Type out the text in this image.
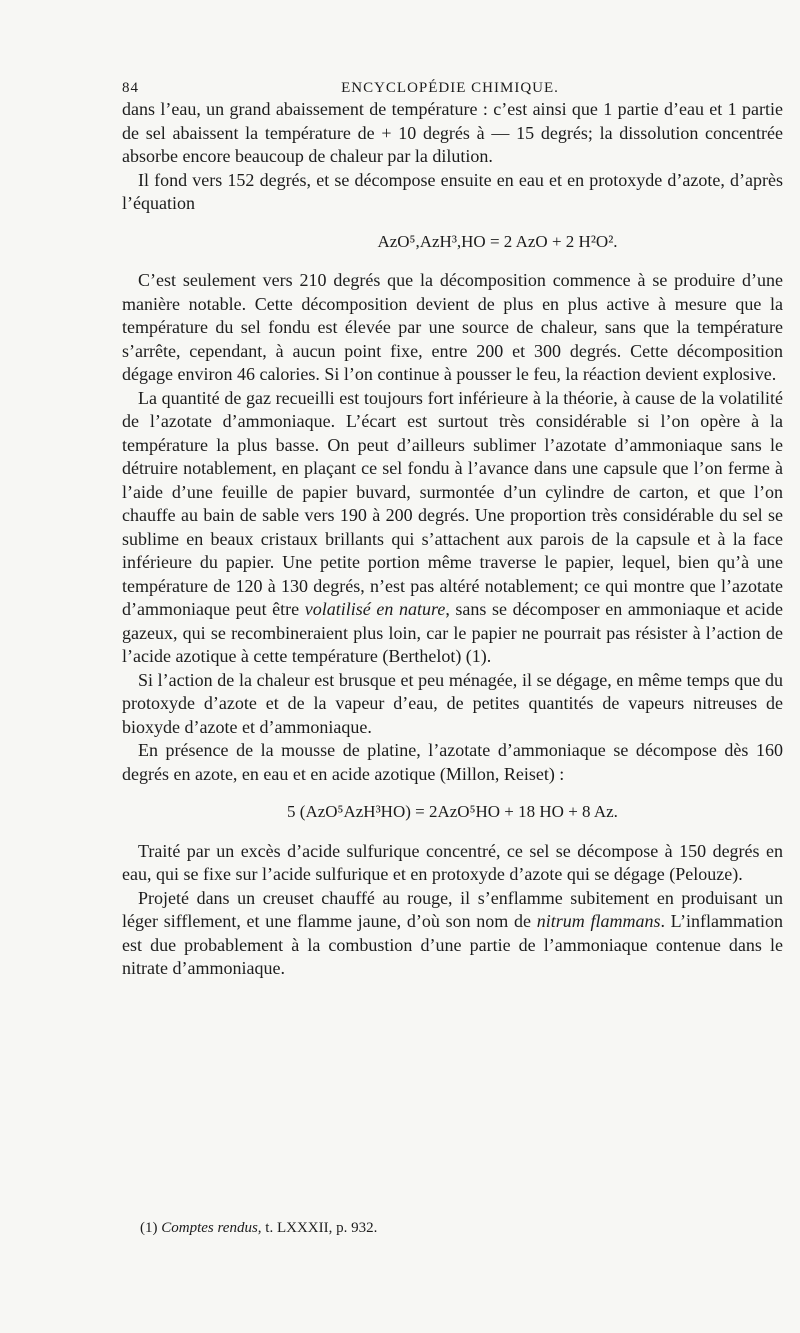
84	ENCYCLOPÉDIE CHIMIQUE.

dans l’eau, un grand abaissement de température : c’est ainsi que 1 partie d’eau et 1 partie de sel abaissent la température de + 10 degrés à — 15 degrés; la dissolution concentrée absorbe encore beaucoup de chaleur par la dilution.

Il fond vers 152 degrés, et se décompose ensuite en eau et en protoxyde d’azote, d’après l’équation

AzO⁵,AzH³,HO = 2 AzO + 2 H²O².

C’est seulement vers 210 degrés que la décomposition commence à se produire d’une manière notable. Cette décomposition devient de plus en plus active à mesure que la température du sel fondu est élevée par une source de chaleur, sans que la température s’arrête, cependant, à aucun point fixe, entre 200 et 300 degrés. Cette décomposition dégage environ 46 calories. Si l’on continue à pousser le feu, la réaction devient explosive.

La quantité de gaz recueilli est toujours fort inférieure à la théorie, à cause de la volatilité de l’azotate d’ammoniaque. L’écart est surtout très considérable si l’on opère à la température la plus basse. On peut d’ailleurs sublimer l’azotate d’ammoniaque sans le détruire notablement, en plaçant ce sel fondu à l’avance dans une capsule que l’on ferme à l’aide d’une feuille de papier buvard, surmontée d’un cylindre de carton, et que l’on chauffe au bain de sable vers 190 à 200 degrés. Une proportion très considérable du sel se sublime en beaux cristaux brillants qui s’attachent aux parois de la capsule et à la face inférieure du papier. Une petite portion même traverse le papier, lequel, bien qu’à une température de 120 à 130 degrés, n’est pas altéré notablement; ce qui montre que l’azotate d’ammoniaque peut être volatilisé en nature, sans se décomposer en ammoniaque et acide gazeux, qui se recombineraient plus loin, car le papier ne pourrait pas résister à l’action de l’acide azotique à cette température (Berthelot) (1).

Si l’action de la chaleur est brusque et peu ménagée, il se dégage, en même temps que du protoxyde d’azote et de la vapeur d’eau, de petites quantités de vapeurs nitreuses de bioxyde d’azote et d’ammoniaque.

En présence de la mousse de platine, l’azotate d’ammoniaque se décompose dès 160 degrés en azote, en eau et en acide azotique (Millon, Reiset) :

5 (AzO⁵AzH³HO) = 2AzO⁵HO + 18 HO + 8 Az.

Traité par un excès d’acide sulfurique concentré, ce sel se décompose à 150 degrés en eau, qui se fixe sur l’acide sulfurique et en protoxyde d’azote qui se dégage (Pelouze).

Projeté dans un creuset chauffé au rouge, il s’enflamme subitement en produisant un léger sifflement, et une flamme jaune, d’où son nom de nitrum flammans. L’inflammation est due probablement à la combustion d’une partie de l’ammoniaque contenue dans le nitrate d’ammoniaque.

(1) Comptes rendus, t. LXXXII, p. 932.
